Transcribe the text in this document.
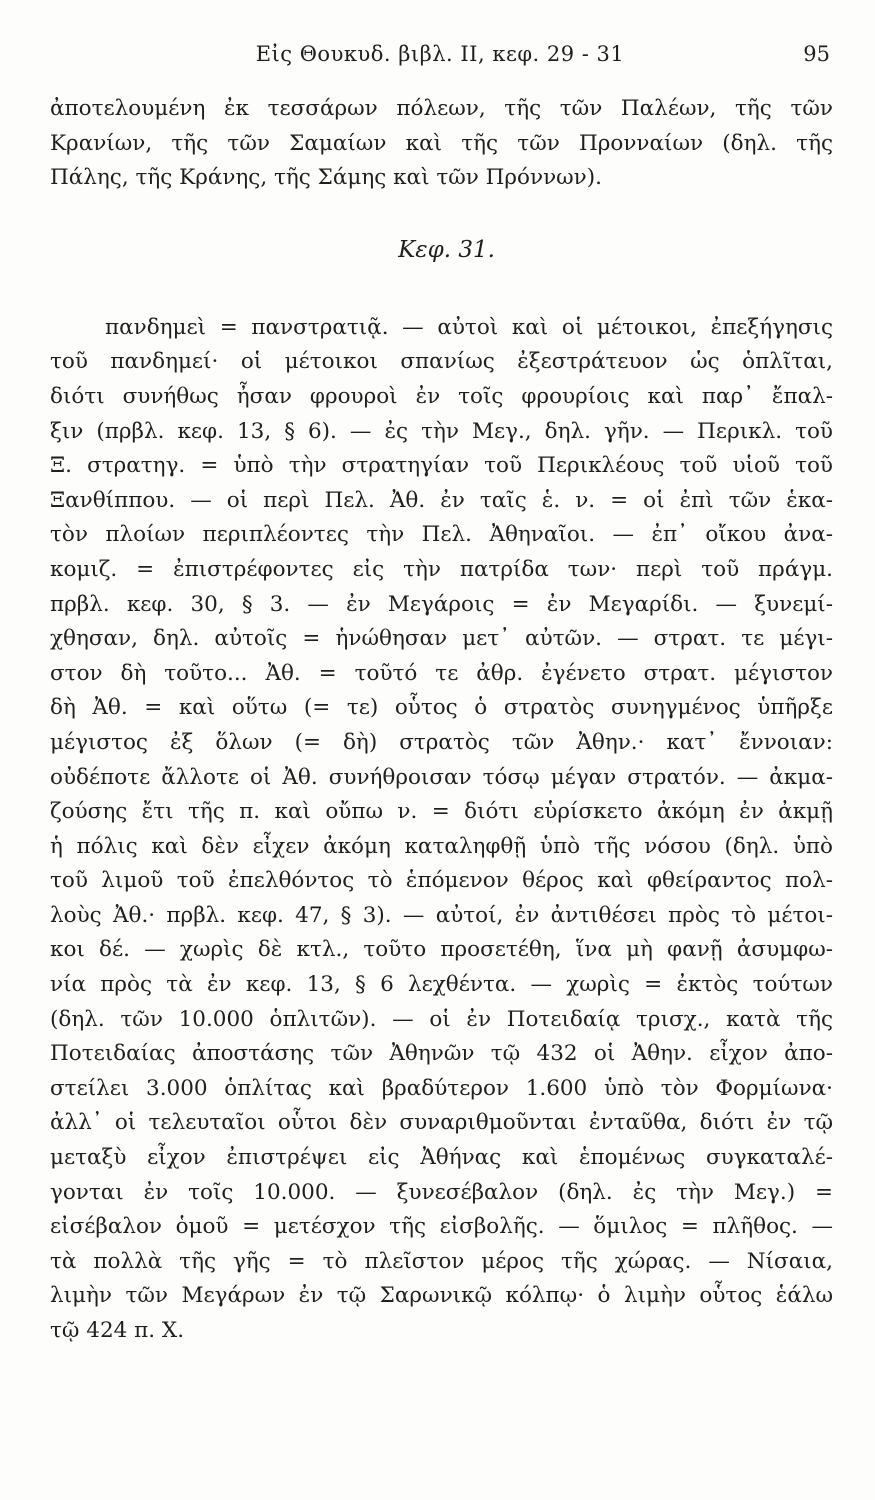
Εἰς Θουκυδ. βιβλ. ΙΙ, κεφ. 29 - 31	95
ἀποτελουμένη ἐκ τεσσάρων πόλεων, τῆς τῶν Παλέων, τῆς τῶν
Κρανίων, τῆς τῶν Σαμαίων καὶ τῆς τῶν Προνναίων (δηλ. τῆς
Πάλης, τῆς Κράνης, τῆς Σάμης καὶ τῶν Πρόννων).
Κεφ. 31.
πανδημεὶ = πανστρατιᾷ. — αὐτοὶ καὶ οἱ μέτοικοι, ἐπεξήγησις
τοῦ πανδημεί· οἱ μέτοικοι σπανίως ἐξεστράτευον ὡς ὁπλῖται,
διότι συνήθως ἦσαν φρουροὶ ἐν τοῖς φρουρίοις καὶ παρ᾽ ἔπαλ-
ξιν (πρβλ. κεφ. 13, § 6). — ἐς τὴν Μεγ., δηλ. γῆν. — Περικλ. τοῦ
Ξ. στρατηγ. = ὑπὸ τὴν στρατηγίαν τοῦ Περικλέους τοῦ υἱοῦ τοῦ
Ξανθίππου. — οἱ περὶ Πελ. Ἀθ. ἐν ταῖς ἑ. ν. = οἱ ἐπὶ τῶν ἑκα-
τὸν πλοίων περιπλέοντες τὴν Πελ. Ἀθηναῖοι. — ἐπ᾽ οἴκου ἀνα-
κομιζ. = ἐπιστρέφοντες εἰς τὴν πατρίδα των· περὶ τοῦ πράγμ.
πρβλ. κεφ. 30, § 3. — ἐν Μεγάροις = ἐν Μεγαρίδι. — ξυνεμί-
χθησαν, δηλ. αὐτοῖς = ἡνώθησαν μετ᾽ αὐτῶν. — στρατ. τε μέγι-
στον δὴ τοῦτο... Ἀθ. = τοῦτό τε ἀθρ. ἐγένετο στρατ. μέγιστον
δὴ Ἀθ. = καὶ οὕτω (= τε) οὗτος ὁ στρατὸς συνηγμένος ὑπῆρξε
μέγιστος ἐξ ὅλων (= δὴ) στρατὸς τῶν Ἀθην.· κατ᾽ ἔννοιαν:
οὐδέποτε ἄλλοτε οἱ Ἀθ. συνήθροισαν τόσῳ μέγαν στρατόν. — ἀκμα-
ζούσης ἔτι τῆς π. καὶ οὔπω ν. = διότι εὑρίσκετο ἀκόμη ἐν ἀκμῇ
ἡ πόλις καὶ δὲν εἶχεν ἀκόμη καταληφθῇ ὑπὸ τῆς νόσου (δηλ. ὑπὸ
τοῦ λιμοῦ τοῦ ἐπελθόντος τὸ ἑπόμενον θέρος καὶ φθείραντος πολ-
λοὺς Ἀθ.· πρβλ. κεφ. 47, § 3). — αὐτοί, ἐν ἀντιθέσει πρὸς τὸ μέτοι-
κοι δέ. — χωρὶς δὲ κτλ., τοῦτο προσετέθη, ἵνα μὴ φανῇ ἀσυμφω-
νία πρὸς τὰ ἐν κεφ. 13, § 6 λεχθέντα. — χωρὶς = ἐκτὸς τούτων
(δηλ. τῶν 10.000 ὁπλιτῶν). — οἱ ἐν Ποτειδαίᾳ τρισχ., κατὰ τῆς
Ποτειδαίας ἀποστάσης τῶν Ἀθηνῶν τῷ 432 οἱ Ἀθην. εἶχον ἀπο-
στείλει 3.000 ὁπλίτας καὶ βραδύτερον 1.600 ὑπὸ τὸν Φορμίωνα·
ἀλλ᾽ οἱ τελευταῖοι οὗτοι δὲν συναριθμοῦνται ἐνταῦθα, διότι ἐν τῷ
μεταξὺ εἶχον ἐπιστρέψει εἰς Ἀθήνας καὶ ἑπομένως συγκαταλέ-
γονται ἐν τοῖς 10.000. — ξυνεσέβαλον (δηλ. ἐς τὴν Μεγ.) =
εἰσέβαλον ὁμοῦ = μετέσχον τῆς εἰσβολῆς. — ὅμιλος = πλῆθος. —
τὰ πολλὰ τῆς γῆς = τὸ πλεῖστον μέρος τῆς χώρας. — Νίσαια,
λιμὴν τῶν Μεγάρων ἐν τῷ Σαρωνικῷ κόλπῳ· ὁ λιμὴν οὗτος ἑάλω
τῷ 424 π. Χ.
